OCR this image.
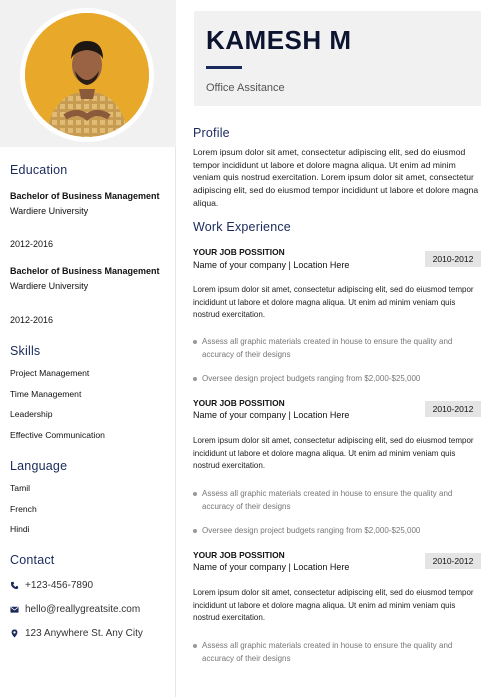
Education
Bachelor of Business Management Wardiere University
2012-2016
Bachelor of Business Management Wardiere University
2012-2016
Skills
Project Management
Time Management
Leadership
Effective Communication
Language
Tamil
French
Hindi
Contact
+123-456-7890
hello@reallygreatsite.com
123 Anywhere St. Any City
KAMESH M
Office Assitance
Profile
Lorem ipsum dolor sit amet, consectetur adipiscing elit, sed do eiusmod tempor incididunt ut labore et dolore magna aliqua. Ut enim ad minim veniam quis nostrud exercitation. Lorem ipsum dolor sit amet, consectetur adipiscing elit, sed do eiusmod tempor incididunt ut labore et dolore magna aliqua.
Work Experience
YOUR JOB POSSITION
Name of your company | Location Here
2010-2012
Lorem ipsum dolor sit amet, consectetur adipiscing elit, sed do eiusmod tempor incididunt ut labore et dolore magna aliqua. Ut enim ad minim veniam quis nostrud exercitation.
Assess all graphic materials created in house to ensure the quality and accuracy of their designs
Oversee design project budgets ranging from $2,000-$25,000
YOUR JOB POSSITION
Name of your company | Location Here
2010-2012
Lorem ipsum dolor sit amet, consectetur adipiscing elit, sed do eiusmod tempor incididunt ut labore et dolore magna aliqua. Ut enim ad minim veniam quis nostrud exercitation.
Assess all graphic materials created in house to ensure the quality and accuracy of their designs
Oversee design project budgets ranging from $2,000-$25,000
YOUR JOB POSSITION
Name of your company | Location Here
2010-2012
Lorem ipsum dolor sit amet, consectetur adipiscing elit, sed do eiusmod tempor incididunt ut labore et dolore magna aliqua. Ut enim ad minim veniam quis nostrud exercitation.
Assess all graphic materials created in house to ensure the quality and accuracy of their designs
